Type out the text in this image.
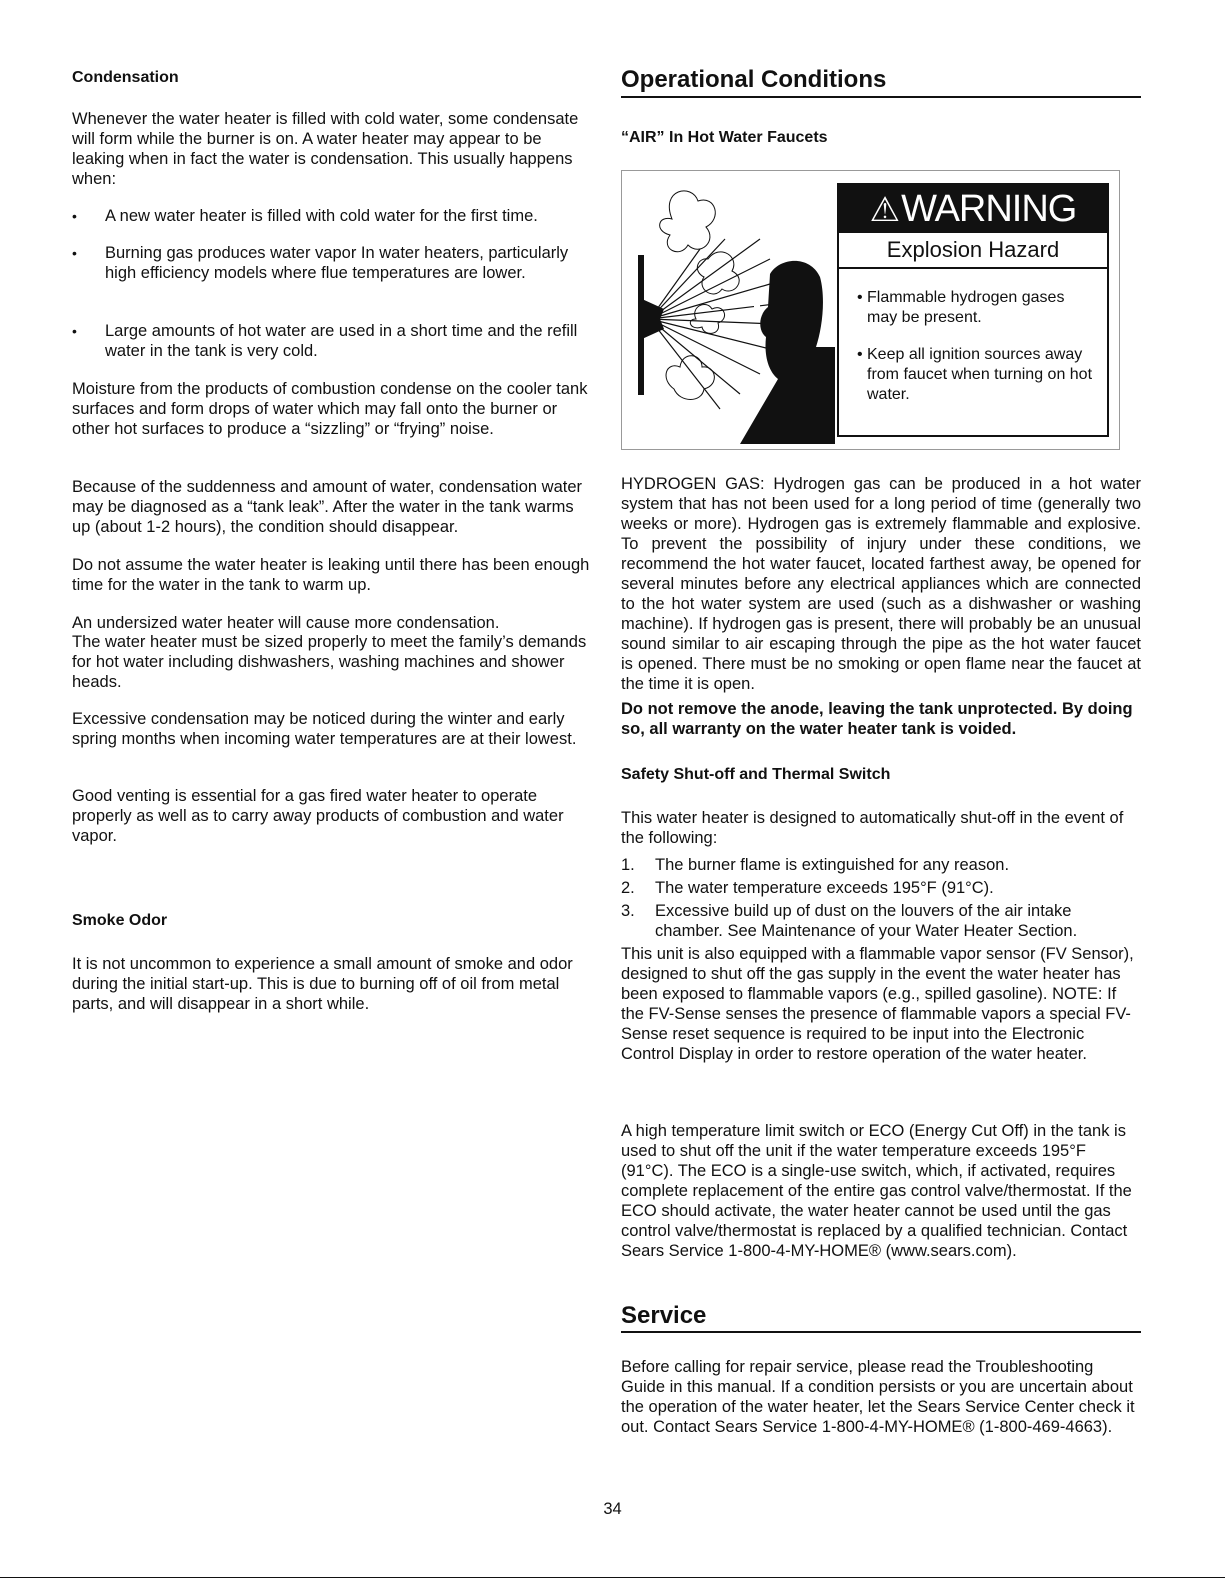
Condensation

Whenever the water heater is filled with cold water, some condensate will form while the burner is on. A water heater may appear to be leaking when in fact the water is condensation. This usually happens when:

•	A new water heater is filled with cold water for the first time.
•	Burning gas produces water vapor In water heaters, particularly high efficiency models where flue temperatures are lower.
•	Large amounts of hot water are used in a short time and the refill water in the tank is very cold.

Moisture from the products of combustion condense on the cooler tank surfaces and form drops of water which may fall onto the burner or other hot surfaces to produce a “sizzling” or “frying” noise.

Because of the suddenness and amount of water, condensation water may be diagnosed as a “tank leak”. After the water in the tank warms up (about 1-2 hours), the condition should disappear.

Do not assume the water heater is leaking until there has been enough time for the water in the tank to warm up.

An undersized water heater will cause more condensation.

The water heater must be sized properly to meet the family’s demands for hot water including dishwashers, washing machines and shower heads.

Excessive condensation may be noticed during the winter and early spring months when incoming water temperatures are at their lowest.

Good venting is essential for a gas fired water heater to operate properly as well as to carry away products of combustion and water vapor.

Smoke Odor

It is not uncommon to experience a small amount of smoke and odor during the initial start-up. This is due to burning off of oil from metal parts, and will disappear in a short while.

Operational Conditions
“AIR” In Hot Water Faucets
⚠WARNING
Explosion Hazard
• Flammable hydrogen gases may be present.
• Keep all ignition sources away from faucet when turning on hot water.

HYDROGEN GAS: Hydrogen gas can be produced in a hot water system that has not been used for a long period of time (generally two weeks or more). Hydrogen gas is extremely flammable and explosive. To prevent the possibility of injury under these conditions, we recommend the hot water faucet, located farthest away, be opened for several minutes before any electrical appliances which are connected to the hot water system are used (such as a dishwasher or washing machine). If hydrogen gas is present, there will probably be an unusual sound similar to air escaping through the pipe as the hot water faucet is opened. There must be no smoking or open flame near the faucet at the time it is open.

Do not remove the anode, leaving the tank unprotected. By doing so, all warranty on the water heater tank is voided.

Safety Shut-off and Thermal Switch

This water heater is designed to automatically shut-off in the event of the following:

1. The burner flame is extinguished for any reason.
2. The water temperature exceeds 195°F (91°C).
3. Excessive build up of dust on the louvers of the air intake chamber. See Maintenance of your Water Heater Section.

This unit is also equipped with a flammable vapor sensor (FV Sensor), designed to shut off the gas supply in the event the water heater has been exposed to flammable vapors (e.g., spilled gasoline). NOTE: If the FV-Sense senses the presence of flammable vapors a special FV-Sense reset sequence is required to be input into the Electronic Control Display in order to restore operation of the water heater.

A high temperature limit switch or ECO (Energy Cut Off) in the tank is used to shut off the unit if the water temperature exceeds 195°F (91°C). The ECO is a single-use switch, which, if activated, requires complete replacement of the entire gas control valve/thermostat. If the ECO should activate, the water heater cannot be used until the gas control valve/thermostat is replaced by a qualified technician. Contact Sears Service 1-800-4-MY-HOME® (www.sears.com).

Service

Before calling for repair service, please read the Troubleshooting Guide in this manual. If a condition persists or you are uncertain about the operation of the water heater, let the Sears Service Center check it out. Contact Sears Service 1-800-4-MY-HOME® (1-800-469-4663).

34
